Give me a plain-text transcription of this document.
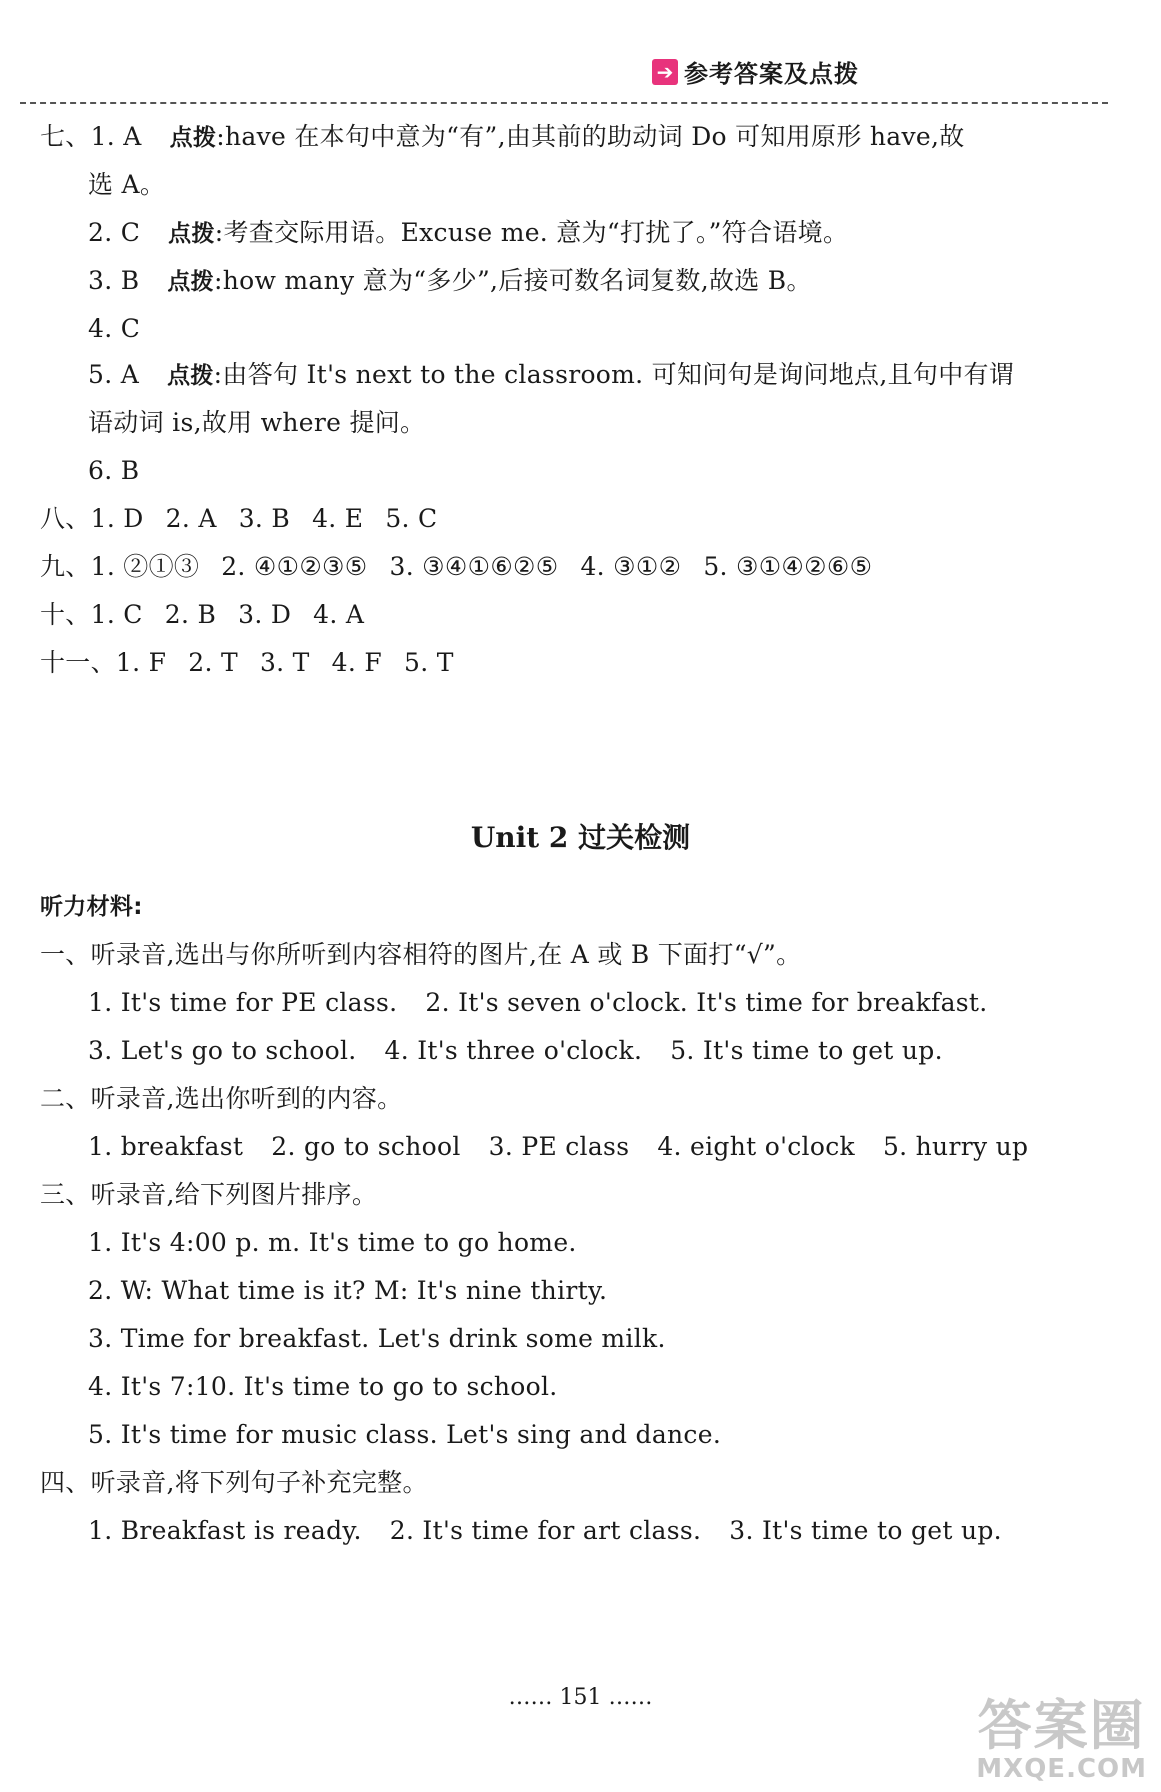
➔ 参考答案及点拨
七、1. A 点拨:have 在本句中意为“有”,由其前的助动词 Do 可知用原形 have,故
选 A。
2. C 点拨:考查交际用语。Excuse me. 意为“打扰了。”符合语境。
3. B 点拨:how many 意为“多少”,后接可数名词复数,故选 B。
4. C
5. A 点拨:由答句 It's next to the classroom. 可知问句是询问地点,且句中有谓
语动词 is,故用 where 提问。
6. B
八、1. D 2. A 3. B 4. E 5. C
九、1. ②①③ 2. ④①②③⑤ 3. ③④①⑥②⑤ 4. ③①② 5. ③①④②⑥⑤
十、1. C 2. B 3. D 4. A
十一、1. F 2. T 3. T 4. F 5. T
Unit 2 过关检测
听力材料:
一、听录音,选出与你所听到内容相符的图片,在 A 或 B 下面打“√”。
1. It's time for PE class. 2. It's seven o'clock. It's time for breakfast.
3. Let's go to school. 4. It's three o'clock. 5. It's time to get up.
二、听录音,选出你听到的内容。
1. breakfast 2. go to school 3. PE class 4. eight o'clock 5. hurry up
三、听录音,给下列图片排序。
1. It's 4:00 p. m. It's time to go home.
2. W: What time is it? M: It's nine thirty.
3. Time for breakfast. Let's drink some milk.
4. It's 7:10. It's time to go to school.
5. It's time for music class. Let's sing and dance.
四、听录音,将下列句子补充完整。
1. Breakfast is ready. 2. It's time for art class. 3. It's time to get up.
…… 151 ……	答案圈
MXQE.COM
